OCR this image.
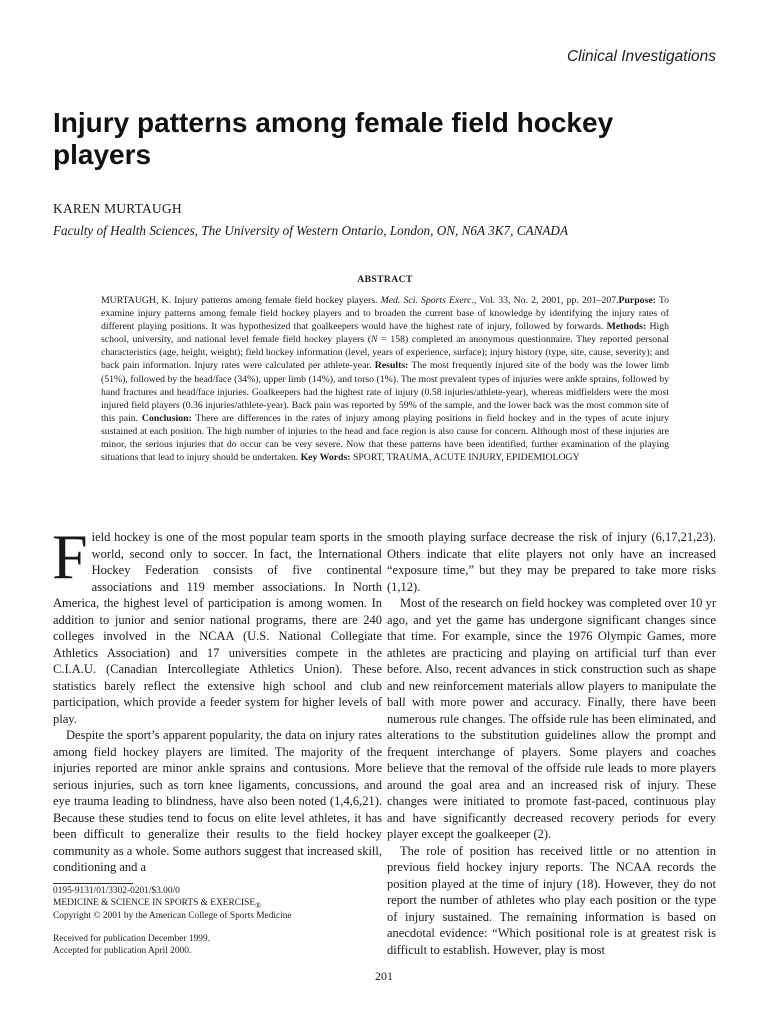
Clinical Investigations
Injury patterns among female field hockey players
KAREN MURTAUGH
Faculty of Health Sciences, The University of Western Ontario, London, ON, N6A 3K7, CANADA
ABSTRACT

MURTAUGH, K. Injury patterns among female field hockey players. Med. Sci. Sports Exerc., Vol. 33, No. 2, 2001, pp. 201–207.Purpose: To examine injury patterns among female field hockey players and to broaden the current base of knowledge by identifying the injury rates of different playing positions. It was hypothesized that goalkeepers would have the highest rate of injury, followed by forwards. Methods: High school, university, and national level female field hockey players (N = 158) completed an anonymous questionnaire. They reported personal characteristics (age, height, weight); field hockey information (level, years of experience, surface); injury history (type, site, cause, severity); and back pain information. Injury rates were calculated per athlete-year. Results: The most frequently injured site of the body was the lower limb (51%), followed by the head/face (34%), upper limb (14%), and torso (1%). The most prevalent types of injuries were ankle sprains, followed by hand fractures and head/face injuries. Goalkeepers had the highest rate of injury (0.58 injuries/athlete-year), whereas midfielders were the most injured field players (0.36 injuries/athlete-year). Back pain was reported by 59% of the sample, and the lower back was the most common site of this pain. Conclusion: There are differences in the rates of injury among playing positions in field hockey and in the types of acute injury sustained at each position. The high number of injuries to the head and face region is also cause for concern. Although most of these injuries are minor, the serious injuries that do occur can be very severe. Now that these patterns have been identified, further examination of the playing situations that lead to injury should be undertaken. Key Words: SPORT, TRAUMA, ACUTE INJURY, EPIDEMIOLOGY

Field hockey is one of the most popular team sports in the world, second only to soccer. In fact, the International Hockey Federation consists of five continental associations and 119 member associations. In North America, the highest level of participation is among women. In addition to junior and senior national programs, there are 240 colleges involved in the NCAA (U.S. National Collegiate Athletics Association) and 17 universities compete in the C.I.A.U. (Canadian Intercollegiate Athletics Union). These statistics barely reflect the extensive high school and club participation, which provide a feeder system for higher levels of play.

Despite the sport’s apparent popularity, the data on injury rates among field hockey players are limited. The majority of the injuries reported are minor ankle sprains and contusions. More serious injuries, such as torn knee ligaments, concussions, and eye trauma leading to blindness, have also been noted (1,4,6,21). Because these studies tend to focus on elite level athletes, it has been difficult to generalize their results to the field hockey community as a whole. Some authors suggest that increased skill, conditioning and a

smooth playing surface decrease the risk of injury (6,17,21,23). Others indicate that elite players not only have an increased “exposure time,” but they may be prepared to take more risks (1,12).

Most of the research on field hockey was completed over 10 yr ago, and yet the game has undergone significant changes since that time. For example, since the 1976 Olympic Games, more athletes are practicing and playing on artificial turf than ever before. Also, recent advances in stick construction such as shape and new reinforcement materials allow players to manipulate the ball with more power and accuracy. Finally, there have been numerous rule changes. The offside rule has been eliminated, and alterations to the substitution guidelines allow the prompt and frequent interchange of players. Some players and coaches believe that the removal of the offside rule leads to more players around the goal area and an increased risk of injury. These changes were initiated to promote fast-paced, continuous play and have significantly decreased recovery periods for every player except the goalkeeper (2).

The role of position has received little or no attention in previous field hockey injury reports. The NCAA records the position played at the time of injury (18). However, they do not report the number of athletes who play each position or the type of injury sustained. The remaining information is based on anecdotal evidence: “Which positional role is at greatest risk is difficult to establish. However, play is most

0195-9131/01/3302-0201/$3.00/0
MEDICINE & SCIENCE IN SPORTS & $EXERCISE_®$
Copyright © 2001 by the American College of Sports Medicine
Received for publication December 1999.
Accepted for publication April 2000.
201
